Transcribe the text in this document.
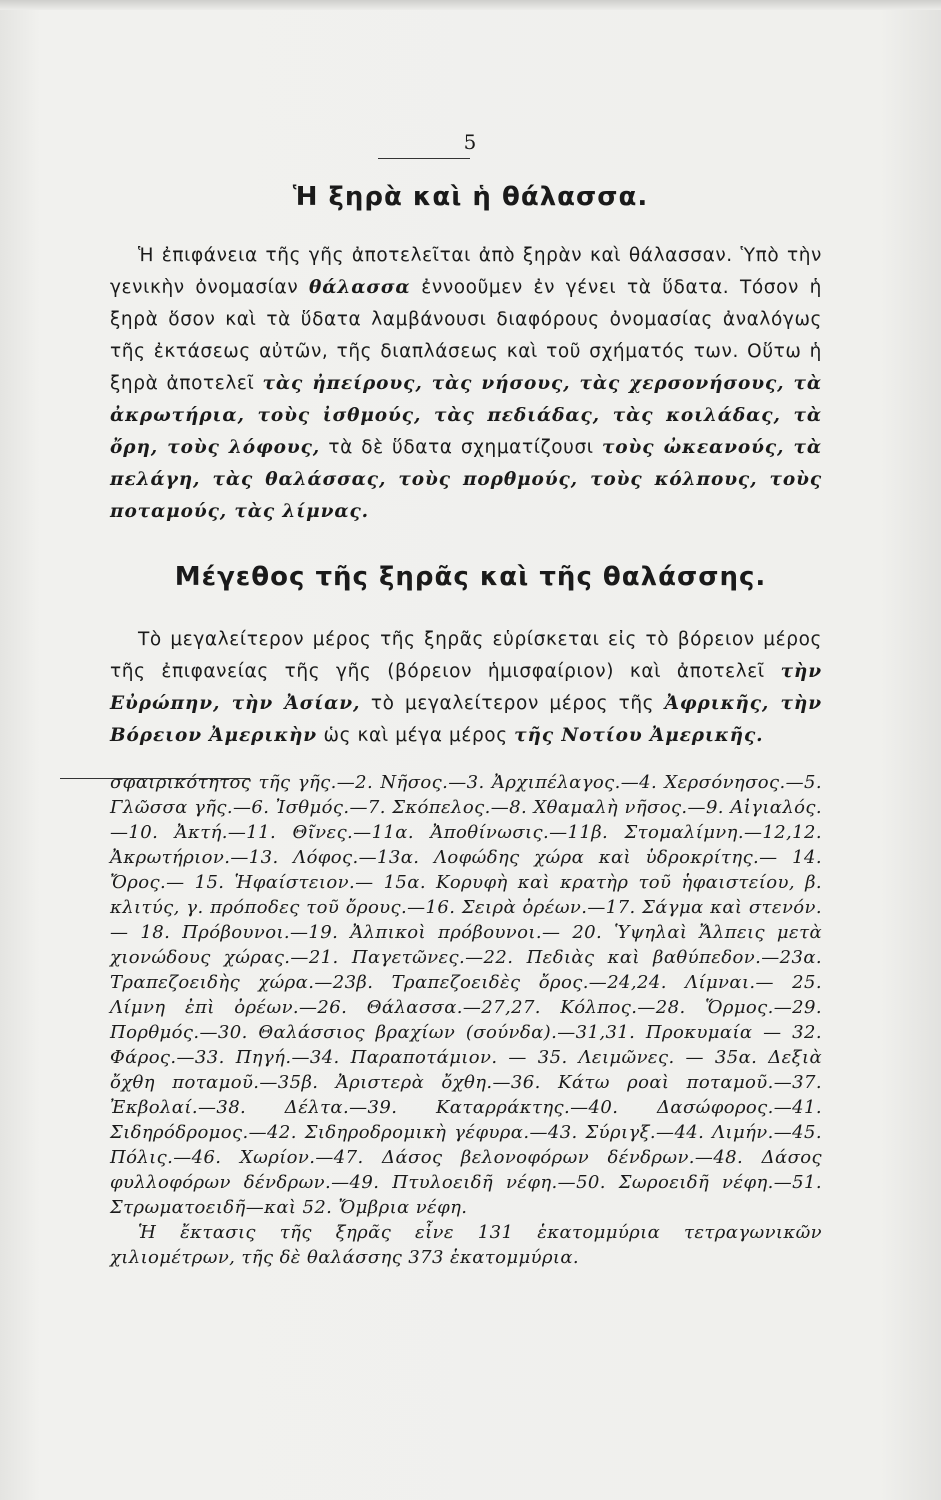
5
Ἡ ξηρὰ καὶ ἡ θάλασσα.
Ἡ ἐπιφάνεια τῆς γῆς ἀποτελεῖται ἀπὸ ξηρὰν καὶ θάλασσαν. Ὑπὸ τὴν γενικὴν ὀνομασίαν θάλασσα ἐννοοῦμεν ἐν γένει τὰ ὕδατα. Τόσον ἡ ξηρὰ ὅσον καὶ τὰ ὕδατα λαμβάνουσι διαφόρους ὀνομασίας ἀναλόγως τῆς ἐκτάσεως αὐτῶν, τῆς διαπλάσεως καὶ τοῦ σχήματός των. Οὕτω ἡ ξηρὰ ἀποτελεῖ τὰς ἠπείρους, τὰς νήσους, τὰς χερσονήσους, τὰ ἀκρωτήρια, τοὺς ἰσθμούς, τὰς πεδιάδας, τὰς κοιλάδας, τὰ ὄρη, τοὺς λόφους, τὰ δὲ ὕδατα σχηματίζουσι τοὺς ὠκεανούς, τὰ πελάγη, τὰς θαλάσσας, τοὺς πορθμούς, τοὺς κόλπους, τοὺς ποταμούς, τὰς λίμνας.
Μέγεθος τῆς ξηρᾶς καὶ τῆς θαλάσσης.
Τὸ μεγαλείτερον μέρος τῆς ξηρᾶς εὑρίσκεται εἰς τὸ βόρειον μέρος τῆς ἐπιφανείας τῆς γῆς (βόρειον ἡμισφαίριον) καὶ ἀποτελεῖ τὴν Εὐρώπην, τὴν Ἀσίαν, τὸ μεγαλείτερον μέρος τῆς Ἀφρικῆς, τὴν Βόρειον Ἀμερικὴν ὡς καὶ μέγα μέρος τῆς Νοτίου Ἀμερικῆς.
σφαιρικότητος τῆς γῆς.—2. Νῆσος.—3. Ἀρχιπέλαγος.—4. Χερσόνησος.—5. Γλῶσσα γῆς.—6. Ἰσθμός.—7. Σκόπελος.—8. Χθαμαλὴ νῆσος.—9. Αἰγιαλός.—10. Ἀκτή.—11. Θῖνες.—11α. Ἀποθίνωσις.—11β. Στομαλίμνη.—12,12. Ἀκρωτήριον.—13. Λόφος.—13α. Λοφώδης χώρα καὶ ὑδροκρίτης.— 14. Ὄρος.— 15. Ἡφαίστειον.— 15α. Κορυφὴ καὶ κρατὴρ τοῦ ἡφαιστείου, β. κλιτύς, γ. πρόποδες τοῦ ὄρους.—16. Σειρὰ ὀρέων.—17. Σάγμα καὶ στενόν.— 18. Πρόβουνοι.—19. Ἀλπικοὶ πρόβουνοι.— 20. Ὑψηλαὶ Ἄλπεις μετὰ χιονώδους χώρας.—21. Παγετῶνες.—22. Πεδιὰς καὶ βαθύπεδον.—23α. Τραπεζοειδὴς χώρα.—23β. Τραπεζοειδὲς ὄρος.—24,24. Λίμναι.— 25. Λίμνη ἐπὶ ὀρέων.—26. Θάλασσα.—27,27. Κόλπος.—28. Ὅρμος.—29. Πορθμός.—30. Θαλάσσιος βραχίων (σούνδα).—31,31. Προκυμαία — 32. Φάρος.—33. Πηγή.—34. Παραποτάμιον. — 35. Λειμῶνες. — 35α. Δεξιὰ ὄχθη ποταμοῦ.—35β. Ἀριστερὰ ὄχθη.—36. Κάτω ροαὶ ποταμοῦ.—37. Ἐκβολαί.—38. Δέλτα.—39. Καταρράκτης.—40. Δασώφορος.—41. Σιδηρόδρομος.—42. Σιδηροδρομικὴ γέφυρα.—43. Σύριγξ.—44. Λιμήν.—45. Πόλις.—46. Χωρίον.—47. Δάσος βελονοφόρων δένδρων.—48. Δάσος φυλλοφόρων δένδρων.—49. Πτυλοειδῆ νέφη.—50. Σωροειδῆ νέφη.—51. Στρωματοειδῆ—καὶ 52. Ὄμβρια νέφη.
Ἡ ἔκτασις τῆς ξηρᾶς εἶνε 131 ἑκατομμύρια τετραγωνικῶν χιλιομέτρων, τῆς δὲ θαλάσσης 373 ἑκατομμύρια.
